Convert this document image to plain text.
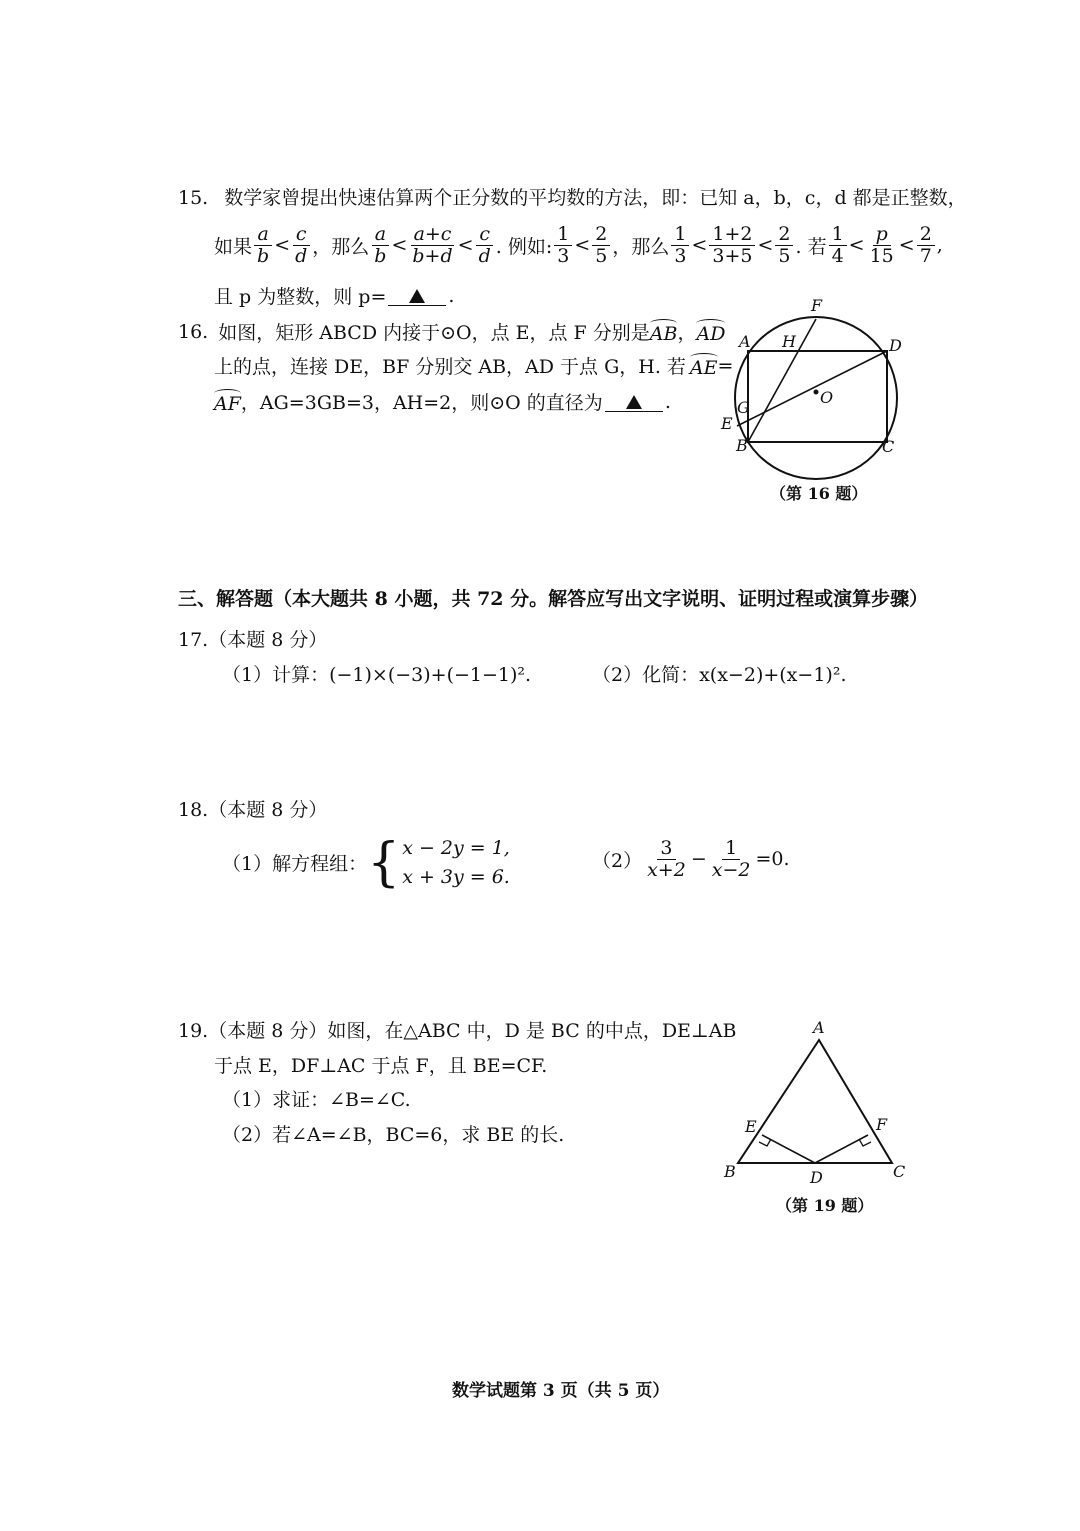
15. 数学家曾提出快速估算两个正分数的平均数的方法，即：已知 a，b，c，d 都是正整数，
如果 $\frac{a}{b} < \frac{c}{d}$ ，那么 $\frac{a}{b} < \frac{a+c}{b+d} < \frac{c}{d}$ . 例如: $\frac{1}{3} < \frac{2}{5}$ ，那么 $\frac{1}{3} < \frac{1+2}{3+5} < \frac{2}{5}$ . 若 $\frac{1}{4} < \frac{p}{15} < \frac{2}{7}$ ,
且 p 为整数，则 p=	.
16. 如图，矩形 ABCD 内接于⊙O，点 E，点 F 分别是 AB ， AD
上的点，连接 DE，BF 分别交 AB，AD 于点 G，H. 若 AE =
AF ，AG=3GB=3，AH=2，则⊙O 的直径为	.
A
B	C
D
E
F
G
H
O
（第 16 题）
三、解答题（本大题共 8 小题，共 72 分。解答应写出文字说明、证明过程或演算步骤）
17.（本题 8 分）
（1）计算：(−1)×(−3)+(−1−1)².	（2）化简：x(x−2)+(x−1)².
18.（本题 8 分）
（1）解方程组： { x − 2y = 1,
x + 3y = 6.
$(2) \frac{3}{x+2} - \frac{1}{x-2} =0$.
19.（本题 8 分）如图，在△ABC 中，D 是 BC 的中点，DE⊥AB
于点 E，DF⊥AC 于点 F，且 BE=CF.
（1）求证：∠B=∠C.
（2）若∠A=∠B，BC=6，求 BE 的长.
A
B	C
D
E	F
（第 19 题）
数学试题第 3 页（共 5 页）
